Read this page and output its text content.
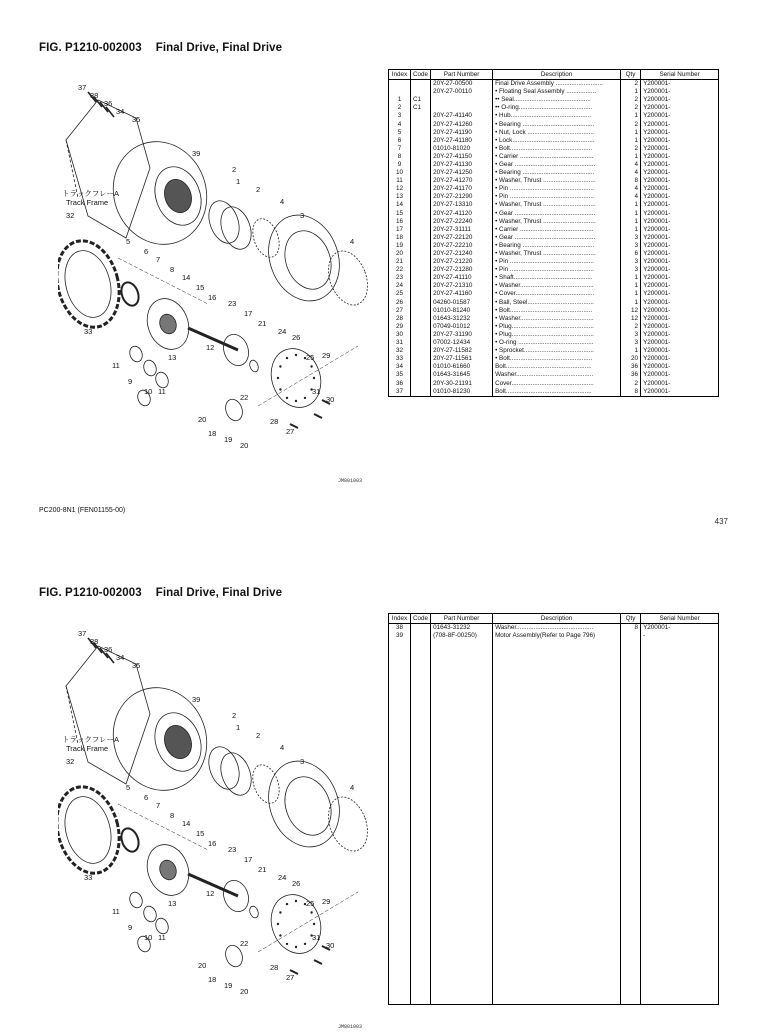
FIG. P1210-002003 Final Drive, Final Drive
トラックフレーA
Track Frame
37
38
36
34
35
39
2
1
2
4
3
4
32
5
6
7
8
14
15
16
23
17
21
24
26
25 29
31
30
33
12
13
11
9
10 11
22
20
18
19
20
28
27
JM801003
PC200-8N1 (FEN01155-00)
437
Index	Code	Part Number	Description	Qty	Serial Number
		20Y-27-00500	Final Drive Assembly ...........................	2	Y200001-
		20Y-27-00110	• Floating Seal Assembly .................	1	Y200001-
1	C1		•• Seal............................................	2	Y200001-
2	C1		•• O-ring..........................................	2	Y200001-
3		20Y-27-41140	• Hub..............................................	1	Y200001-
4		20Y-27-41260	• Bearing .........................................	2	Y200001-
5		20Y-27-41190	• Nut, Lock ......................................	1	Y200001-
6		20Y-27-41180	• Lock...............................................	1	Y200001-
7		01010-81020	• Bolt...............................................	2	Y200001-
8		20Y-27-41150	• Carrier ..........................................	1	Y200001-
9		20Y-27-41130	• Gear ..............................................	4	Y200001-
10		20Y-27-41250	• Bearing .........................................	4	Y200001-
11		20Y-27-41270	• Washer, Thrust ..............................	8	Y200001-
12		20Y-27-41170	• Pin ................................................	4	Y200001-
13		20Y-27-21290	• Pin ................................................	4	Y200001-
14		20Y-27-13310	• Washer, Thrust ..............................	1	Y200001-
15		20Y-27-41120	• Gear ..............................................	1	Y200001-
16		20Y-27-22240	• Washer, Thrust ..............................	1	Y200001-
17		20Y-27-31111	• Carrier ..........................................	1	Y200001-
18		20Y-27-22120	• Gear ..............................................	3	Y200001-
19		20Y-27-22210	• Bearing .........................................	3	Y200001-
20		20Y-27-21240	• Washer, Thrust ..............................	6	Y200001-
21		20Y-27-21220	• Pin ................................................	3	Y200001-
22		20Y-27-21280	• Pin ................................................	3	Y200001-
23		20Y-27-41110	• Shaft.............................................	1	Y200001-
24		20Y-27-21310	• Washer..........................................	1	Y200001-
25		20Y-27-41160	• Cover.............................................	1	Y200001-
26		04260-01587	• Ball, Steel......................................	1	Y200001-
27		01010-81240	• Bolt...............................................	12	Y200001-
28		01643-31232	• Washer..........................................	12	Y200001-
29		07049-01012	• Plug...............................................	2	Y200001-
30		20Y-27-31190	• Plug...............................................	3	Y200001-
31		07002-12434	• O-ring ...........................................	3	Y200001-
32		20Y-27-11582	• Sprocket........................................	1	Y200001-
33		20Y-27-11561	• Bolt...............................................	20	Y200001-
34		01010-61660	Bolt.................................................	36	Y200001-
35		01643-31645	Washer............................................	36	Y200001-
36		20Y-30-21191	Cover...............................................	2	Y200001-
37		01010-81230	Bolt.................................................	8	Y200001-
FIG. P1210-002003 Final Drive, Final Drive
トラックフレーA
Track Frame
37
38
36
34
35
39
2
1
2
4
3
4
32
5
6
7
8
14
15
16
23
17
21
24
26
25 29
31
30
33
12
13
11
9
10 11
22
20
18
19
20
28
27
JM801003
Index	Code	Part Number	Description	Qty	Serial Number
38		01643-31232	Washer............................................	8	Y200001-
39		(708-8F-00250)	Motor Assembly(Refer to Page 796)		-
